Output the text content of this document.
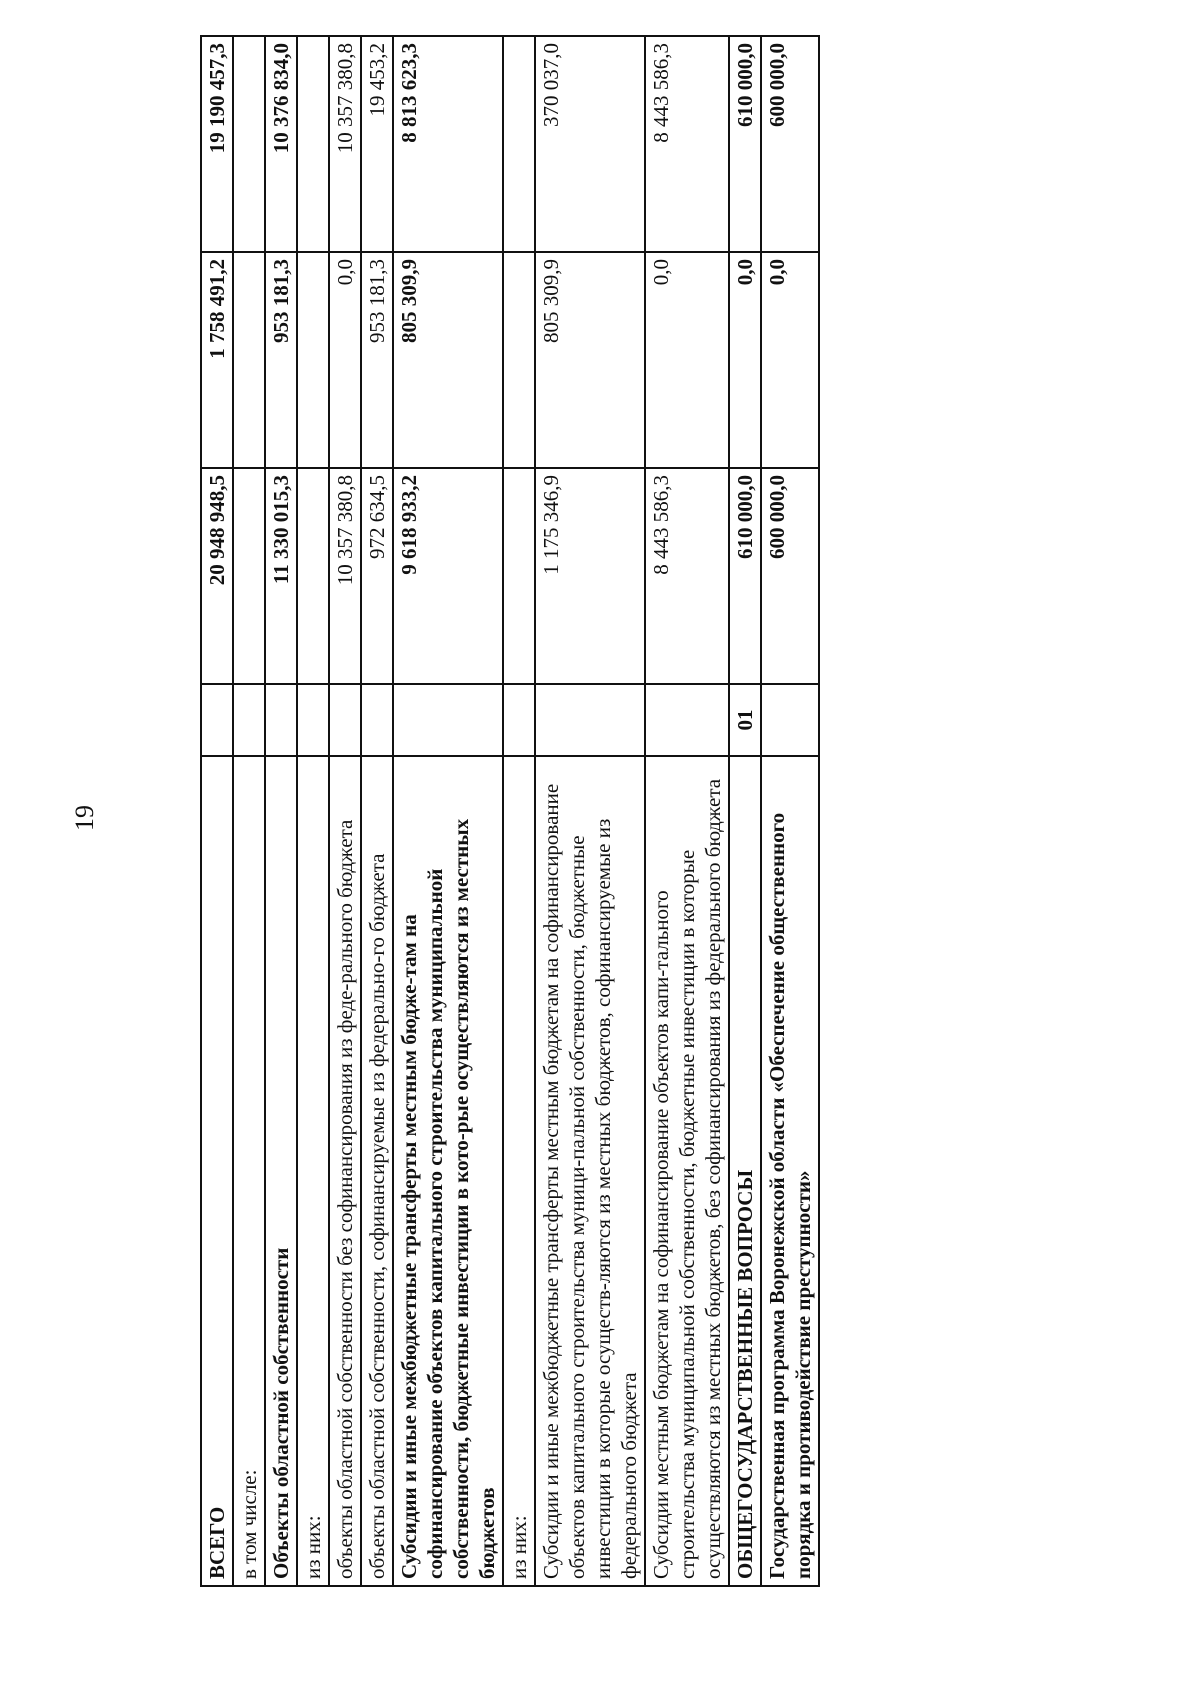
19
ВСЕГО		20 948 948,5	1 758 491,2	19 190 457,3
в том числе:				
Объекты областной собственности		11 330 015,3	953 181,3	10 376 834,0
из них:				
объекты областной собственности без софинансирования из феде-рального бюджета		10 357 380,8	0,0	10 357 380,8
объекты областной собственности, софинансируемые из федерально-го бюджета		972 634,5	953 181,3	19 453,2
Субсидии и иные межбюджетные трансферты местным бюдже-там на софинансирование объектов капитального строительства муниципальной собственности, бюджетные инвестиции в кото-рые осуществляются из местных бюджетов		9 618 933,2	805 309,9	8 813 623,3
из них:				
Субсидии и иные межбюджетные трансферты местным бюджетам на софинансирование объектов капитального строительства муници-пальной собственности, бюджетные инвестиции в которые осуществ-ляются из местных бюджетов, софинансируемые из федерального бюджета		1 175 346,9	805 309,9	370 037,0
Субсидии местным бюджетам на софинансирование объектов капи-тального строительства муниципальной собственности, бюджетные инвестиции в которые осуществляются из местных бюджетов, без софинансирования из федерального бюджета		8 443 586,3	0,0	8 443 586,3
ОБЩЕГОСУДАРСТВЕННЫЕ ВОПРОСЫ	01	610 000,0	0,0	610 000,0
Государственная программа Воронежской области «Обеспечение общественного порядка и противодействие преступности»		600 000,0	0,0	600 000,0
